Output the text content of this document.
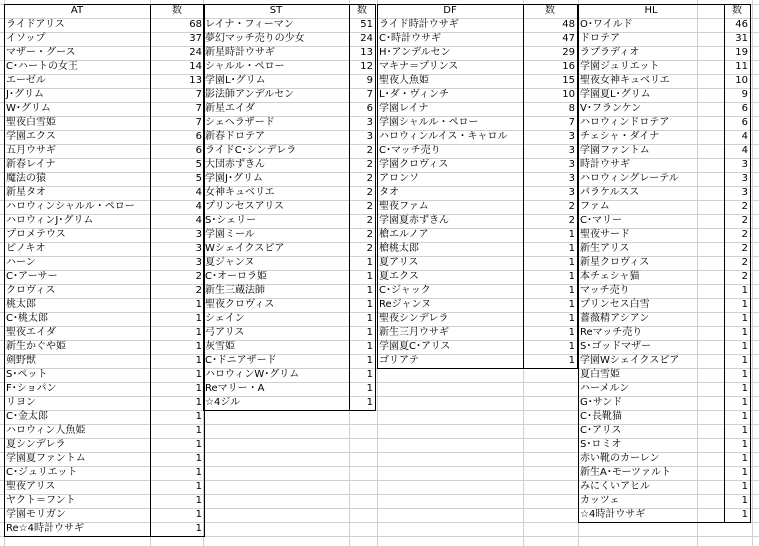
AT	数
ライドアリス	68
イソップ	37
マザー・グース	24
C･ハートの女王	14
エーゼル	13
J･グリム	7
W･グリム	7
聖夜白雪姫	7
学園エクス	6
五月ウサギ	6
新春レイナ	5
魔法の猿	5
新星タオ	4
ハロウィンシャルル・ペロー	4
ハロウィンJ･グリム	4
プロメテウス	3
ピノキオ	3
ハーン	3
C･アーサー	2
クロヴィス	2
桃太郎	1
C･桃太郎	1
聖夜エイダ	1
新生かぐや姫	1
剣野獣	1
S･ペット	1
F･ショパン	1
リヨン	1
C･金太郎	1
ハロウィン人魚姫	1
夏シンデレラ	1
学園夏ファントム	1
C･ジュリエット	1
聖夜アリス	1
ヤクト＝フント	1
学園モリガン	1
Re☆4時計ウサギ	1
ST	数
レイナ・フィーマン	51
夢幻マッチ売りの少女	24
新星時計ウサギ	13
シャルル・ペロー	12
学園L･グリム	9
影法師アンデルセン	7
新星エイダ	6
シェヘラザード	3
新春ドロテア	3
ライドC･シンデレラ	2
大団赤ずきん	2
学園J･グリム	2
女神キュベリエ	2
プリンセスアリス	2
S･シェリー	2
学園ミール	2
Wシェイクスピア	2
夏ジャンヌ	1
C･オーロラ姫	1
新生三蔵法師	1
聖夜クロヴィス	1
シェイン	1
弓アリス	1
灰雪姫	1
C･ドニアザード	1
ハロウィンW･グリム	1
Reマリー・A	1
☆4ジル	1
DF	数
ライド時計ウサギ	48
C･時計ウサギ	47
H･アンデルセン	29
マキナ＝プリンス	16
聖夜人魚姫	15
L･ダ・ヴィンチ	10
学園レイナ	8
学園シャルル・ペロー	7
ハロウィンルイス・キャロル	3
C･マッチ売り	3
学園クロヴィス	3
アロンソ	3
タオ	3
聖夜ファム	2
学園夏赤ずきん	2
槍エルノア	1
槍桃太郎	1
夏アリス	1
夏エクス	1
C･ジャック	1
Reジャンヌ	1
聖夜シンデレラ	1
新生三月ウサギ	1
学園夏C･アリス	1
ゴリアテ	1
HL	数
O･ワイルド	46
ドロテア	31
ラプラディオ	19
学園ジュリエット	11
聖夜女神キュベリエ	10
学園夏L･グリム	9
V･フランケン	6
ハロウィンドロテア	6
チェシャ・ダイナ	4
学園ファントム	4
時計ウサギ	3
ハロウィングレーテル	3
パラケルスス	3
ファム	2
C･マリー	2
聖夜サード	2
新生アリス	2
新星クロヴィス	2
本チェシャ猫	2
マッチ売り	1
プリンセス白雪	1
薔薇精アシアン	1
Reマッチ売り	1
S･ゴッドマザー	1
学園Wシェイクスピア	1
夏白雪姫	1
ハーメルン	1
G･サンド	1
C･長靴猫	1
C･アリス	1
S･ロミオ	1
赤い靴のカーレン	1
新生A･モーツァルト	1
みにくいアヒル	1
カッツェ	1
☆4時計ウサギ	1
